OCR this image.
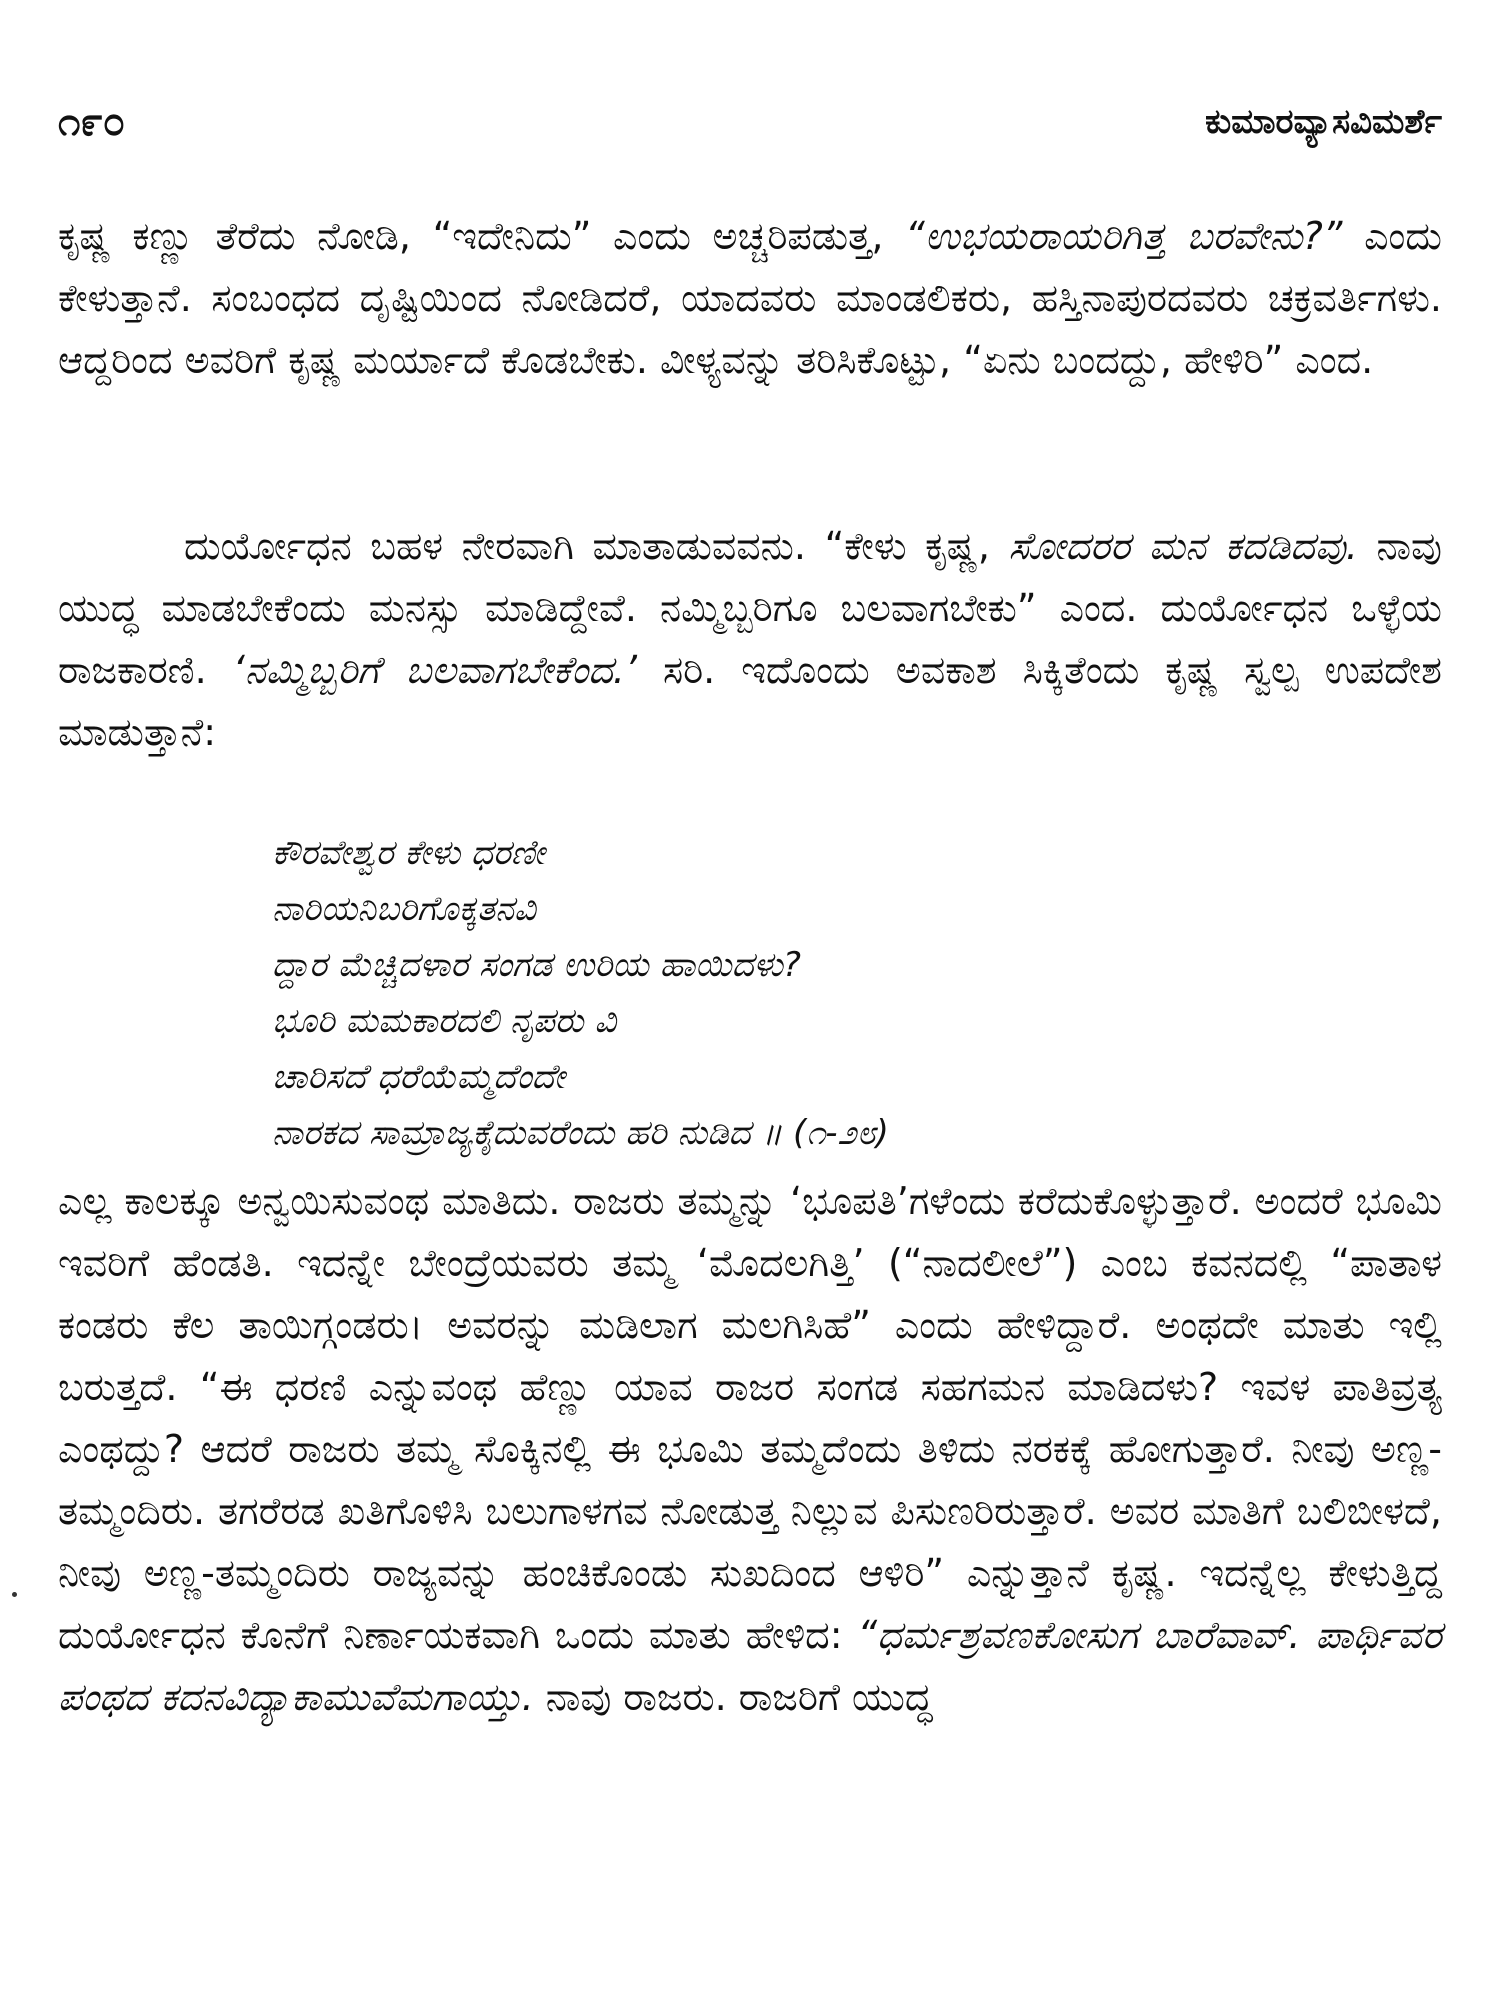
೧೯೦	ಕುಮಾರವ್ಯಾಸವಿಮರ್ಶೆ

ಕೃಷ್ಣ ಕಣ್ಣು ತೆರೆದು ನೋಡಿ, “ಇದೇನಿದು” ಎಂದು ಅಚ್ಚರಿಪಡುತ್ತ, “ಉಭಯರಾಯರಿಗಿತ್ತ ಬರವೇನು?” ಎಂದು ಕೇಳುತ್ತಾನೆ. ಸಂಬಂಧದ ದೃಷ್ಟಿಯಿಂದ ನೋಡಿದರೆ, ಯಾದವರು ಮಾಂಡಲಿಕರು, ಹಸ್ತಿನಾಪುರದವರು ಚಕ್ರವರ್ತಿಗಳು. ಆದ್ದರಿಂದ ಅವರಿಗೆ ಕೃಷ್ಣ ಮರ್ಯಾದೆ ಕೊಡಬೇಕು. ವೀಳ್ಯವನ್ನು ತರಿಸಿಕೊಟ್ಟು, “ಏನು ಬಂದದ್ದು, ಹೇಳಿರಿ” ಎಂದ.

ದುರ್ಯೋಧನ ಬಹಳ ನೇರವಾಗಿ ಮಾತಾಡುವವನು. “ಕೇಳು ಕೃಷ್ಣ, ಸೋದರರ ಮನ ಕದಡಿದವು. ನಾವು ಯುದ್ಧ ಮಾಡಬೇಕೆಂದು ಮನಸ್ಸು ಮಾಡಿದ್ದೇವೆ. ನಮ್ಮಿಬ್ಬರಿಗೂ ಬಲವಾಗಬೇಕು” ಎಂದ. ದುರ್ಯೋಧನ ಒಳ್ಳೆಯ ರಾಜಕಾರಣಿ. ‘ನಮ್ಮಿಬ್ಬರಿಗೆ ಬಲವಾಗಬೇಕೆಂದ.’ ಸರಿ. ಇದೊಂದು ಅವಕಾಶ ಸಿಕ್ಕಿತೆಂದು ಕೃಷ್ಣ ಸ್ವಲ್ಪ ಉಪದೇಶ ಮಾಡುತ್ತಾನೆ:

ಕೌರವೇಶ್ವರ ಕೇಳು ಧರಣೀ
ನಾರಿಯನಿಬರಿಗೊಕ್ಕತನವಿ
ದ್ದಾರ ಮೆಚ್ಚಿದಳಾರ ಸಂಗಡ ಉರಿಯ ಹಾಯಿದಳು?
ಭೂರಿ ಮಮಕಾರದಲಿ ನೃಪರು ವಿ
ಚಾರಿಸದೆ ಧರೆಯೆಮ್ಮದೆಂದೇ
ನಾರಕದ ಸಾಮ್ರಾಜ್ಯಕೈದುವರೆಂದು ಹರಿ ನುಡಿದ ॥ (೧-೨೮)

ಎಲ್ಲ ಕಾಲಕ್ಕೂ ಅನ್ವಯಿಸುವಂಥ ಮಾತಿದು. ರಾಜರು ತಮ್ಮನ್ನು ‘ಭೂಪತಿ’ಗಳೆಂದು ಕರೆದುಕೊಳ್ಳುತ್ತಾರೆ. ಅಂದರೆ ಭೂಮಿ ಇವರಿಗೆ ಹೆಂಡತಿ. ಇದನ್ನೇ ಬೇಂದ್ರೆಯವರು ತಮ್ಮ ‘ಮೊದಲಗಿತ್ತಿ’ (“ನಾದಲೀಲೆ”) ಎಂಬ ಕವನದಲ್ಲಿ “ಪಾತಾಳ ಕಂಡರು ಕೆಲ ತಾಯಿಗ್ಗಂಡರು। ಅವರನ್ನು ಮಡಿಲಾಗ ಮಲಗಿಸಿಹೆ” ಎಂದು ಹೇಳಿದ್ದಾರೆ. ಅಂಥದೇ ಮಾತು ಇಲ್ಲಿ ಬರುತ್ತದೆ. “ಈ ಧರಣಿ ಎನ್ನುವಂಥ ಹೆಣ್ಣು ಯಾವ ರಾಜರ ಸಂಗಡ ಸಹಗಮನ ಮಾಡಿದಳು? ಇವಳ ಪಾತಿವ್ರತ್ಯ ಎಂಥದ್ದು? ಆದರೆ ರಾಜರು ತಮ್ಮ ಸೊಕ್ಕಿನಲ್ಲಿ ಈ ಭೂಮಿ ತಮ್ಮದೆಂದು ತಿಳಿದು ನರಕಕ್ಕೆ ಹೋಗುತ್ತಾರೆ. ನೀವು ಅಣ್ಣ-ತಮ್ಮಂದಿರು. ತಗರೆರಡ ಖತಿಗೊಳಿಸಿ ಬಲುಗಾಳಗವ ನೋಡುತ್ತ ನಿಲ್ಲುವ ಪಿಸುಣರಿರುತ್ತಾರೆ. ಅವರ ಮಾತಿಗೆ ಬಲಿಬೀಳದೆ, ನೀವು ಅಣ್ಣ-ತಮ್ಮಂದಿರು ರಾಜ್ಯವನ್ನು ಹಂಚಿಕೊಂಡು ಸುಖದಿಂದ ಆಳಿರಿ” ಎನ್ನುತ್ತಾನೆ ಕೃಷ್ಣ. ಇದನ್ನೆಲ್ಲ ಕೇಳುತ್ತಿದ್ದ ದುರ್ಯೋಧನ ಕೊನೆಗೆ ನಿರ್ಣಾಯಕವಾಗಿ ಒಂದು ಮಾತು ಹೇಳಿದ: “ಧರ್ಮಶ್ರವಣಕೋಸುಗ ಬಾರೆವಾವ್. ಪಾರ್ಥಿವರ ಪಂಥದ ಕದನವಿದ್ಯಾಕಾಮುವೆಮಗಾಯ್ತು. ನಾವು ರಾಜರು. ರಾಜರಿಗೆ ಯುದ್ಧ
